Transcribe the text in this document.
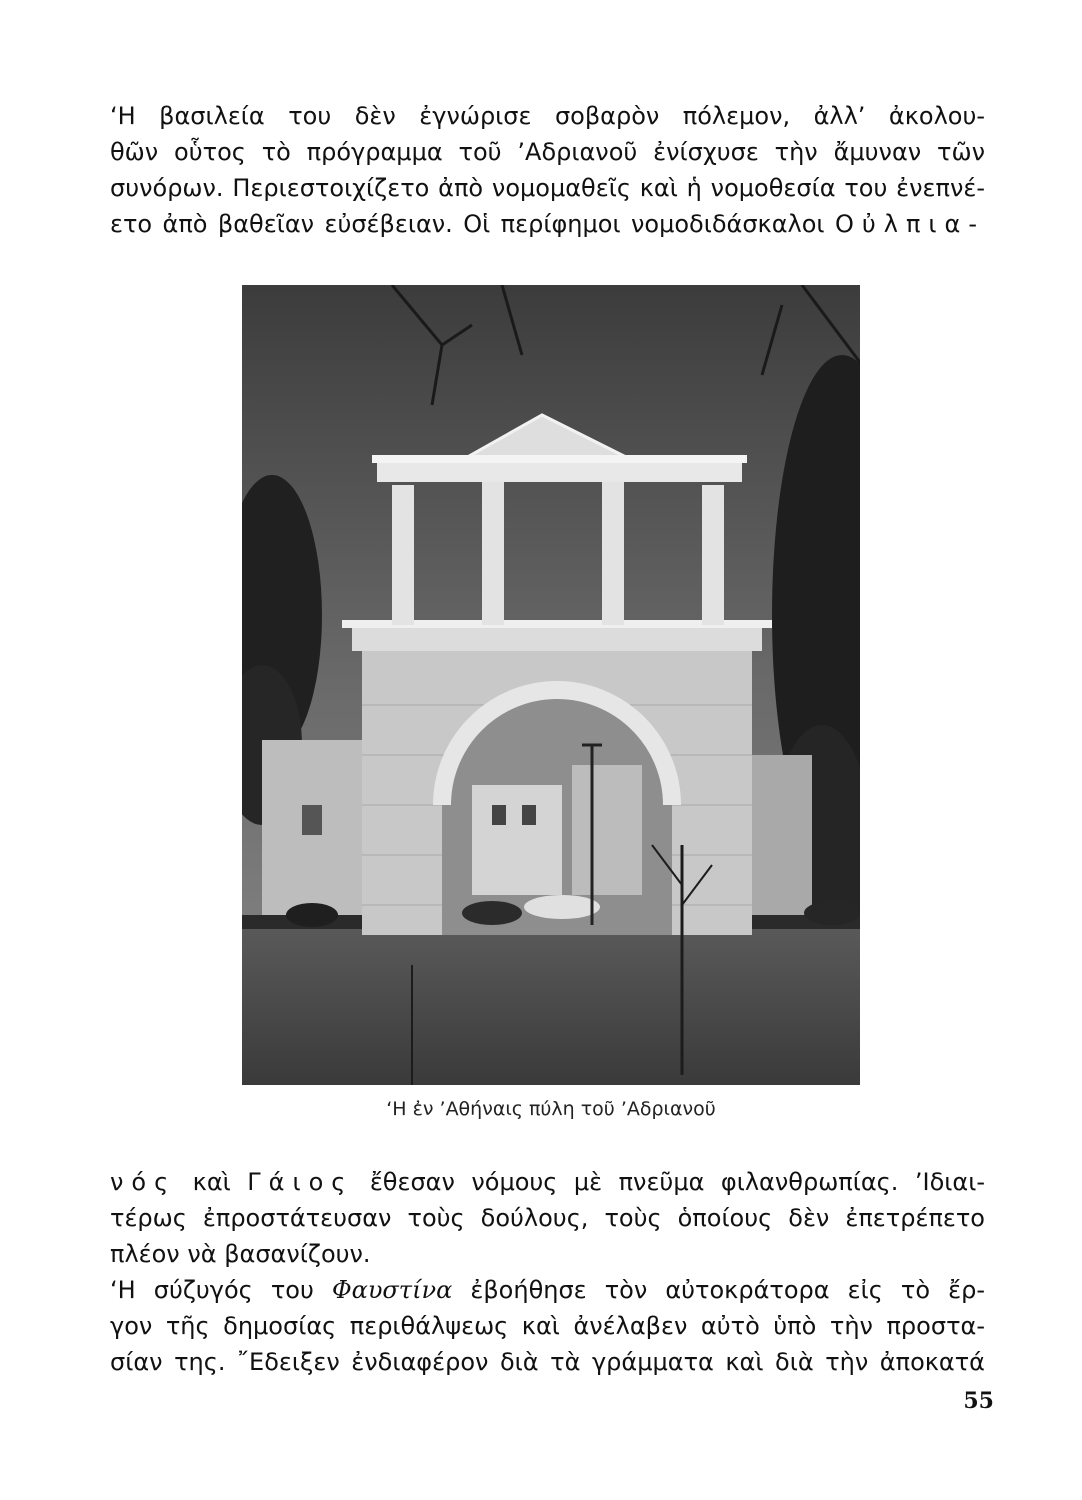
‘Η βασιλεία του δὲν ἐγνώρισε σοβαρὸν πόλεμον, ἀλλ’ ἀκολου-
θῶν οὗτος τὸ πρόγραμμα τοῦ ’Αδριανοῦ ἐνίσχυσε τὴν ἄμυναν τῶν
συνόρων. Περιεστοιχίζετο ἀπὸ νομομαθεῖς καὶ ἡ νομοθεσία του ἐνεπνέ-
ετο ἀπὸ βαθεῖαν εὐσέβειαν. Οἱ περίφημοι νομοδιδάσκαλοι Οὐλπια-
‘Η ἐν ’Αθήναις πύλη τοῦ ’Αδριανοῦ
νός καὶ Γάιος ἔθεσαν νόμους μὲ πνεῦμα φιλανθρωπίας. ’Ιδιαι-
τέρως ἐπροστάτευσαν τοὺς δούλους, τοὺς ὁποίους δὲν ἐπετρέπετο
πλέον νὰ βασανίζουν.
‘Η σύζυγός του Φαυστίνα ἐβοήθησε τὸν αὐτοκράτορα εἰς τὸ ἔρ-
γον τῆς δημοσίας περιθάλψεως καὶ ἀνέλαβεν αὐτὸ ὑπὸ τὴν προστα-
σίαν της. ῎Εδειξεν ἐνδιαφέρον διὰ τὰ γράμματα καὶ διὰ τὴν ἀποκατά
55
